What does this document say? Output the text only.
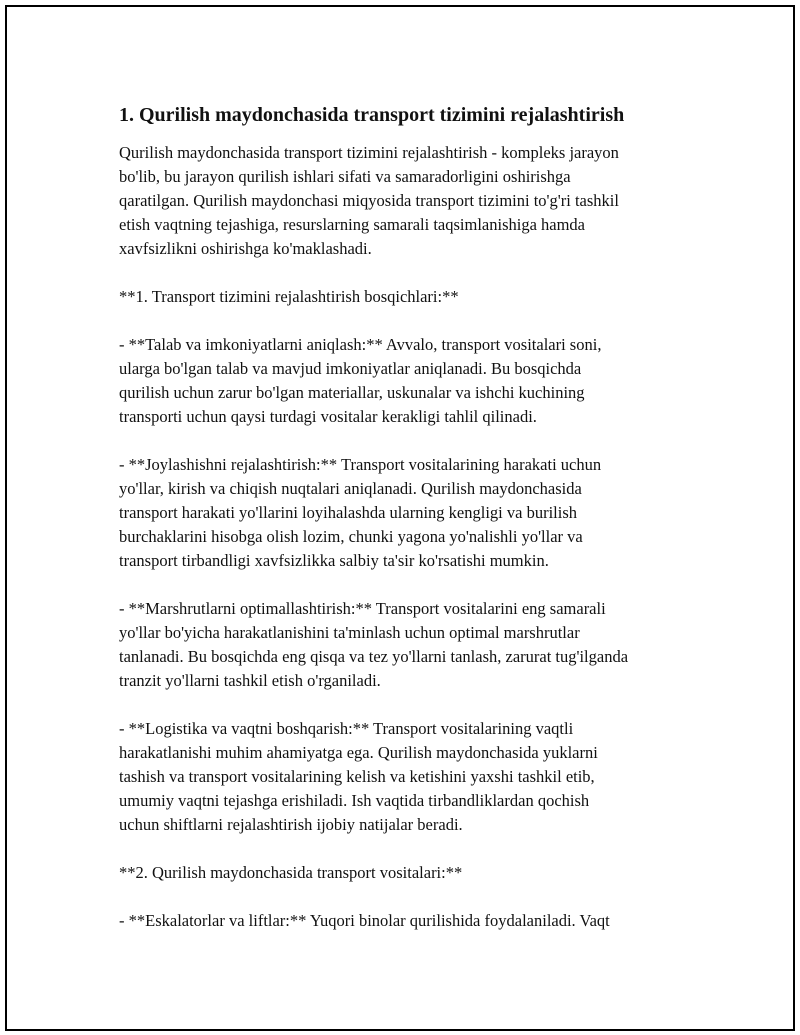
1. Qurilish maydonchasida transport tizimini rejalashtirish

Qurilish maydonchasida transport tizimini rejalashtirish - kompleks jarayon
bo'lib, bu jarayon qurilish ishlari sifati va samaradorligini oshirishga
qaratilgan. Qurilish maydonchasi miqyosida transport tizimini to'g'ri tashkil
etish vaqtning tejashiga, resurslarning samarali taqsimlanishiga hamda
xavfsizlikni oshirishga ko'maklashadi.

**1. Transport tizimini rejalashtirish bosqichlari:**

- **Talab va imkoniyatlarni aniqlash:** Avvalo, transport vositalari soni,
ularga bo'lgan talab va mavjud imkoniyatlar aniqlanadi. Bu bosqichda
qurilish uchun zarur bo'lgan materiallar, uskunalar va ishchi kuchining
transporti uchun qaysi turdagi vositalar kerakligi tahlil qilinadi.

- **Joylashishni rejalashtirish:** Transport vositalarining harakati uchun
yo'llar, kirish va chiqish nuqtalari aniqlanadi. Qurilish maydonchasida
transport harakati yo'llarini loyihalashda ularning kengligi va burilish
burchaklarini hisobga olish lozim, chunki yagona yo'nalishli yo'llar va
transport tirbandligi xavfsizlikka salbiy ta'sir ko'rsatishi mumkin.

- **Marshrutlarni optimallashtirish:** Transport vositalarini eng samarali
yo'llar bo'yicha harakatlanishini ta'minlash uchun optimal marshrutlar
tanlanadi. Bu bosqichda eng qisqa va tez yo'llarni tanlash, zarurat tug'ilganda
tranzit yo'llarni tashkil etish o'rganiladi.

- **Logistika va vaqtni boshqarish:** Transport vositalarining vaqtli
harakatlanishi muhim ahamiyatga ega. Qurilish maydonchasida yuklarni
tashish va transport vositalarining kelish va ketishini yaxshi tashkil etib,
umumiy vaqtni tejashga erishiladi. Ish vaqtida tirbandliklardan qochish
uchun shiftlarni rejalashtirish ijobiy natijalar beradi.

**2. Qurilish maydonchasida transport vositalari:**

- **Eskalatorlar va liftlar:** Yuqori binolar qurilishida foydalaniladi. Vaqt
